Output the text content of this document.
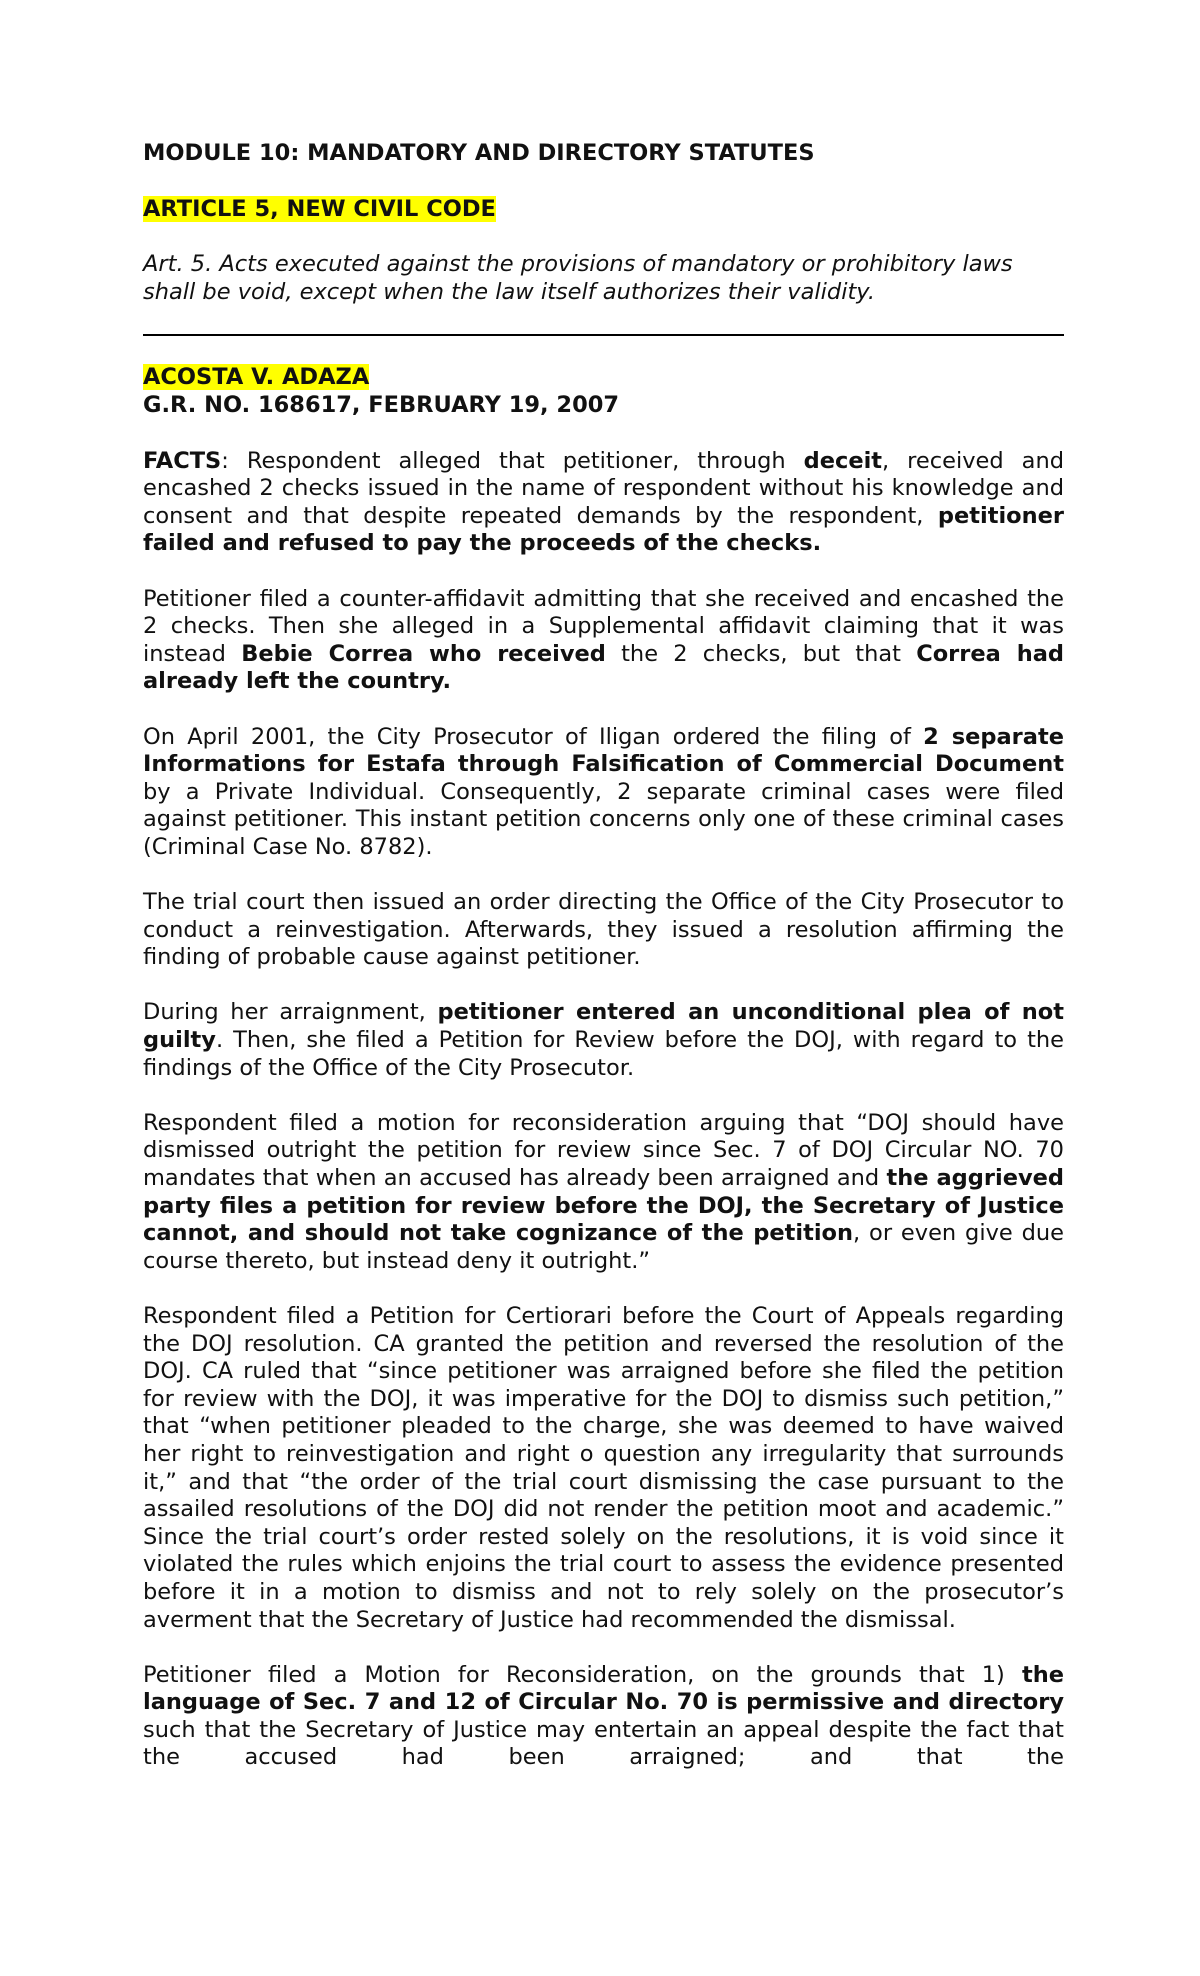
MODULE 10: MANDATORY AND DIRECTORY STATUTES

ARTICLE 5, NEW CIVIL CODE

Art. 5. Acts executed against the provisions of mandatory or prohibitory laws shall be void, except when the law itself authorizes their validity.

ACOSTA V. ADAZA

G.R. NO. 168617, FEBRUARY 19, 2007

FACTS: Respondent alleged that petitioner, through deceit, received and encashed 2 checks issued in the name of respondent without his knowledge and consent and that despite repeated demands by the respondent, petitioner failed and refused to pay the proceeds of the checks.

Petitioner filed a counter-affidavit admitting that she received and encashed the 2 checks. Then she alleged in a Supplemental affidavit claiming that it was instead Bebie Correa who received the 2 checks, but that Correa had already left the country.

On April 2001, the City Prosecutor of Iligan ordered the filing of 2 separate Informations for Estafa through Falsification of Commercial Document by a Private Individual. Consequently, 2 separate criminal cases were filed against petitioner. This instant petition concerns only one of these criminal cases (Criminal Case No. 8782).

The trial court then issued an order directing the Office of the City Prosecutor to conduct a reinvestigation. Afterwards, they issued a resolution affirming the finding of probable cause against petitioner.

During her arraignment, petitioner entered an unconditional plea of not guilty. Then, she filed a Petition for Review before the DOJ, with regard to the findings of the Office of the City Prosecutor.

Respondent filed a motion for reconsideration arguing that “DOJ should have dismissed outright the petition for review since Sec. 7 of DOJ Circular NO. 70 mandates that when an accused has already been arraigned and the aggrieved party files a petition for review before the DOJ, the Secretary of Justice cannot, and should not take cognizance of the petition, or even give due course thereto, but instead deny it outright.”

Respondent filed a Petition for Certiorari before the Court of Appeals regarding the DOJ resolution. CA granted the petition and reversed the resolution of the DOJ. CA ruled that “since petitioner was arraigned before she filed the petition for review with the DOJ, it was imperative for the DOJ to dismiss such petition,” that “when petitioner pleaded to the charge, she was deemed to have waived her right to reinvestigation and right o question any irregularity that surrounds it,” and that “the order of the trial court dismissing the case pursuant to the assailed resolutions of the DOJ did not render the petition moot and academic.” Since the trial court’s order rested solely on the resolutions, it is void since it violated the rules which enjoins the trial court to assess the evidence presented before it in a motion to dismiss and not to rely solely on the prosecutor’s averment that the Secretary of Justice had recommended the dismissal.

Petitioner filed a Motion for Reconsideration, on the grounds that 1) the language of Sec. 7 and 12 of Circular No. 70 is permissive and directory such that the Secretary of Justice may entertain an appeal despite the fact that the accused had been arraigned; and that the
